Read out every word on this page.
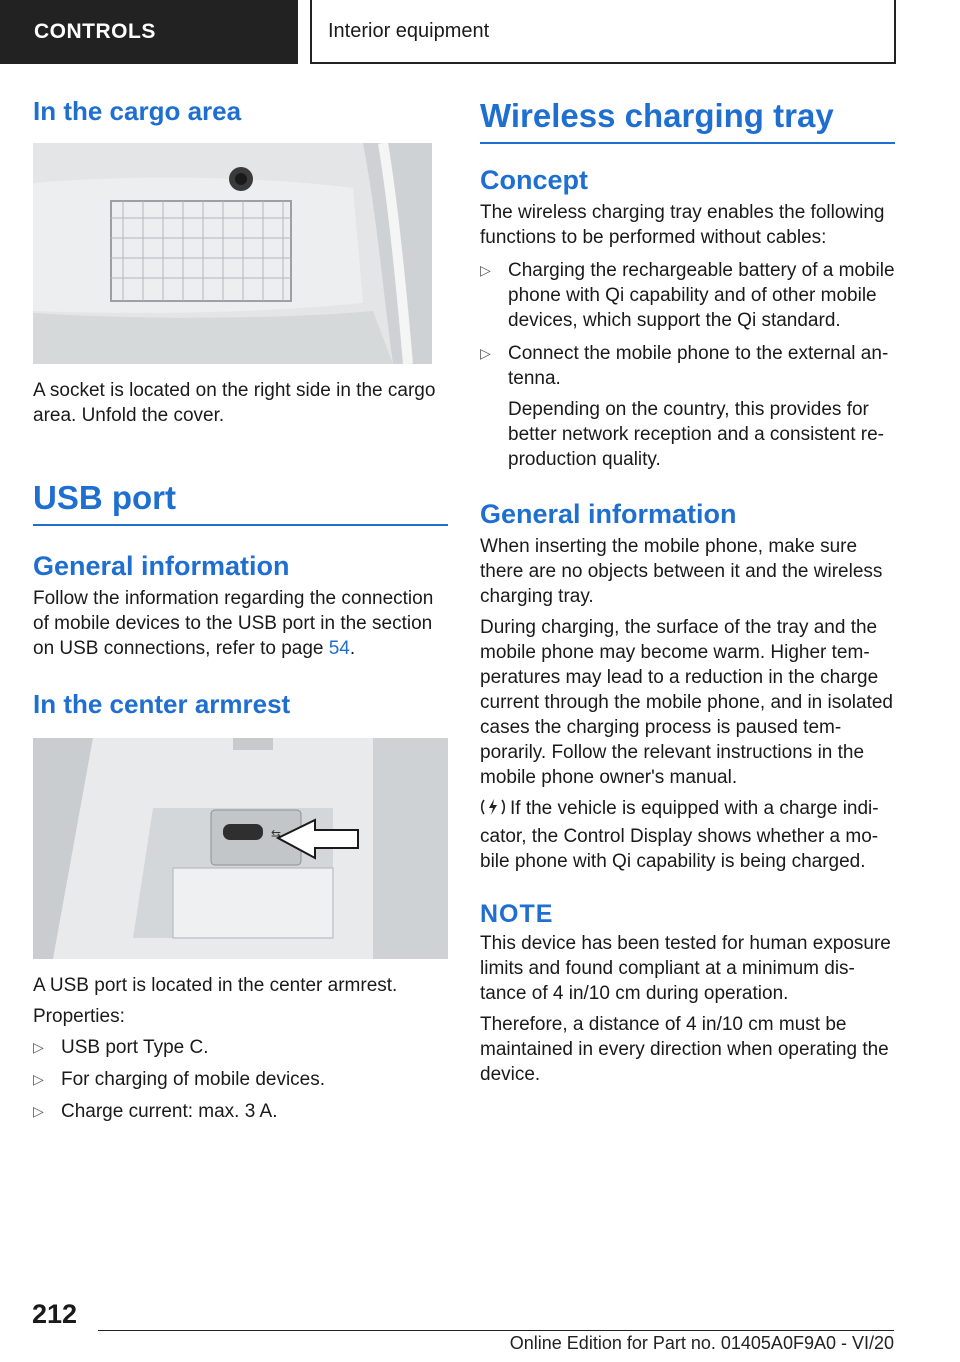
CONTROLS	Interior equipment
In the cargo area

A socket is located on the right side in the cargo area. Unfold the cover.

USB port
General information

Follow the information regarding the connection of mobile devices to the USB port in the section on USB connections, refer to page 54.

In the center armrest
⇆

A USB port is located in the center armrest.

Properties:

▷ USB port Type C.
▷ For charging of mobile devices.
▷ Charge current: max. 3 A.
Wireless charging tray
Concept

The wireless charging tray enables the following functions to be performed without cables:

▷ Charging the rechargeable battery of a mobile phone with Qi capability and of other mobile devices, which support the Qi standard.
▷ Connect the mobile phone to the external antenna.

Depending on the country, this provides for better network reception and a consistent reproduction quality.

General information

When inserting the mobile phone, make sure there are no objects between it and the wireless charging tray.

During charging, the surface of the tray and the mobile phone may become warm. Higher temperatures may lead to a reduction in the charge current through the mobile phone, and in isolated cases the charging process is paused temporarily. Follow the relevant instructions in the mobile phone owner's manual.

If the vehicle is equipped with a charge indicator, the Control Display shows whether a mobile phone with Qi capability is being charged.

NOTE

This device has been tested for human exposure limits and found compliant at a minimum distance of 4 in/10 cm during operation.

Therefore, a distance of 4 in/10 cm must be maintained in every direction when operating the device.

212
Online Edition for Part no. 01405A0F9A0 - VI/20
